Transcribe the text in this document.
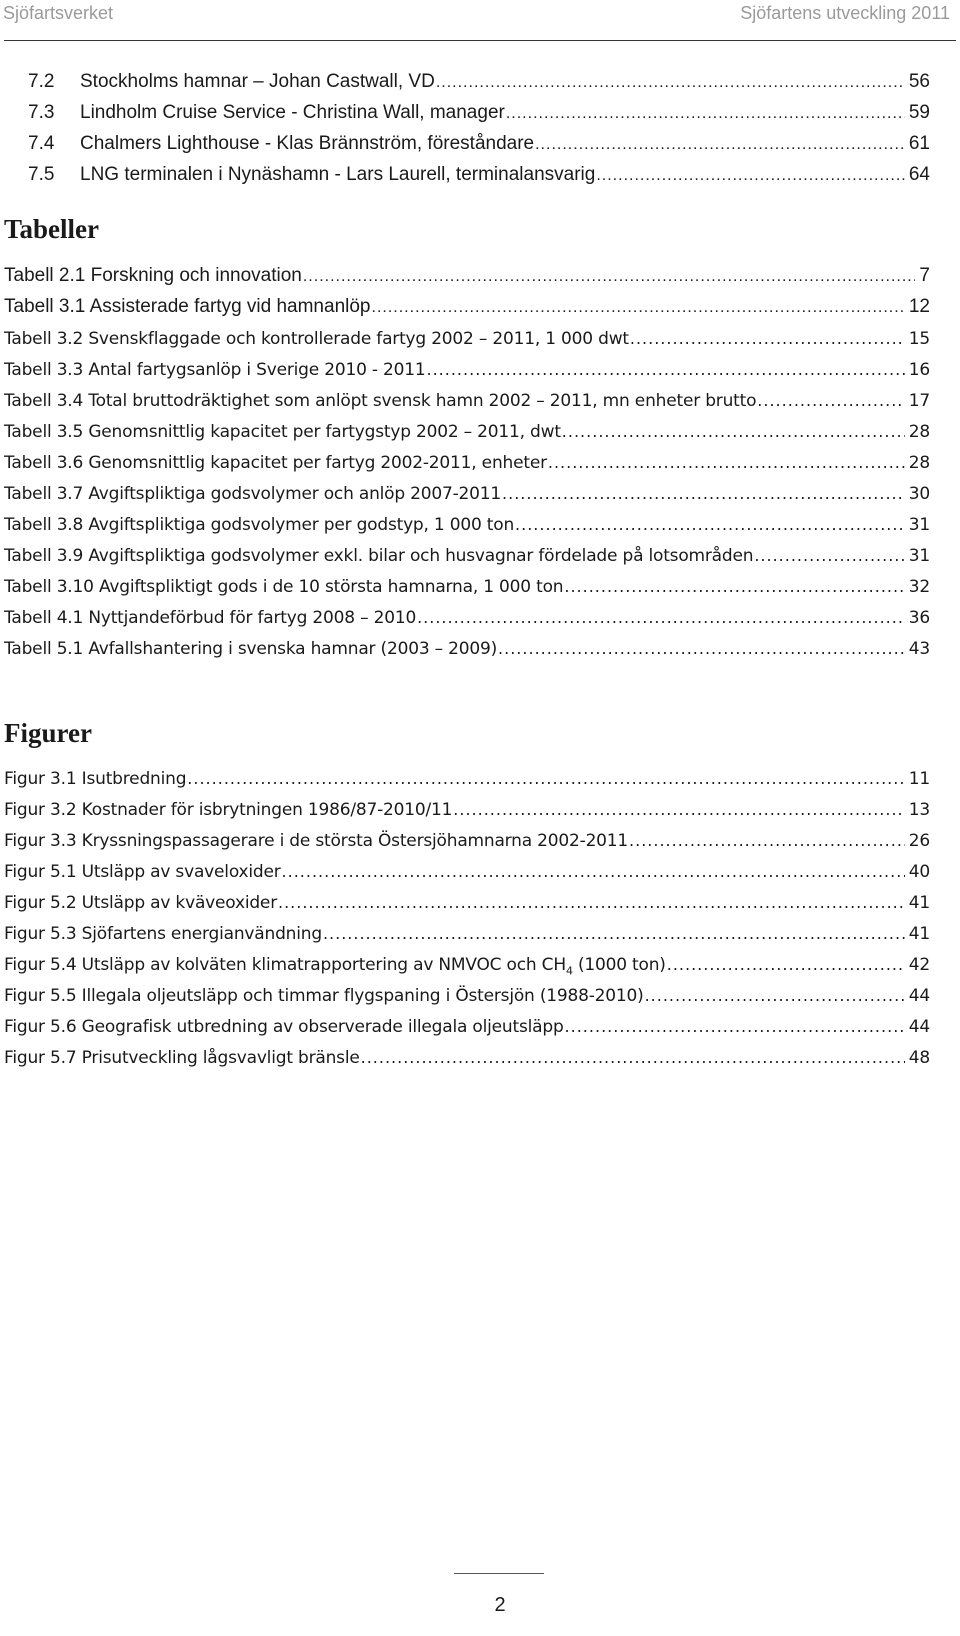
Sjöfartsverket	Sjöfartens utveckling 2011
7.2 Stockholms hamnar – Johan Castwall, VD .....	56
7.3 Lindholm Cruise Service - Christina Wall, manager .....	59
7.4 Chalmers Lighthouse - Klas Brännström, föreståndare .....	61
7.5 LNG terminalen i Nynäshamn - Lars Laurell, terminalansvarig .....	64
Tabeller
Tabell 2.1 Forskning och innovation .....	7
Tabell 3.1 Assisterade fartyg vid hamnanlöp .....	12
Tabell 3.2 Svenskflaggade och kontrollerade fartyg 2002 – 2011, 1 000 dwt .....	15
Tabell 3.3 Antal fartygsanlöp i Sverige 2010 - 2011 .....	16
Tabell 3.4 Total bruttodräktighet som anlöpt svensk hamn 2002 – 2011, mn enheter brutto .....	17
Tabell 3.5 Genomsnittlig kapacitet per fartygstyp 2002 – 2011, dwt .....	28
Tabell 3.6 Genomsnittlig kapacitet per fartyg 2002-2011, enheter .....	28
Tabell 3.7 Avgiftspliktiga godsvolymer och anlöp 2007-2011 .....	30
Tabell 3.8 Avgiftspliktiga godsvolymer per godstyp, 1 000 ton .....	31
Tabell 3.9 Avgiftspliktiga godsvolymer exkl. bilar och husvagnar fördelade på lotsområden .....	31
Tabell 3.10 Avgiftspliktigt gods i de 10 största hamnarna, 1 000 ton .....	32
Tabell 4.1 Nyttjandeförbud för fartyg 2008 – 2010 .....	36
Tabell 5.1 Avfallshantering i svenska hamnar (2003 – 2009) .....	43
Figurer
Figur 3.1 Isutbredning .....	11
Figur 3.2 Kostnader för isbrytningen 1986/87-2010/11 .....	13
Figur 3.3 Kryssningspassagerare i de största Östersjöhamnarna 2002-2011 .....	26
Figur 5.1 Utsläpp av svaveloxider .....	40
Figur 5.2 Utsläpp av kväveoxider .....	41
Figur 5.3 Sjöfartens energianvändning .....	41
Figur 5.4 Utsläpp av kolväten klimatrapportering av NMVOC och $CH_4$ (1000 ton) .....	42
Figur 5.5 Illegala oljeutsläpp och timmar flygspaning i Östersjön (1988-2010) .....	44
Figur 5.6 Geografisk utbredning av observerade illegala oljeutsläpp .....	44
Figur 5.7 Prisutveckling lågsvavligt bränsle .....	48
2
